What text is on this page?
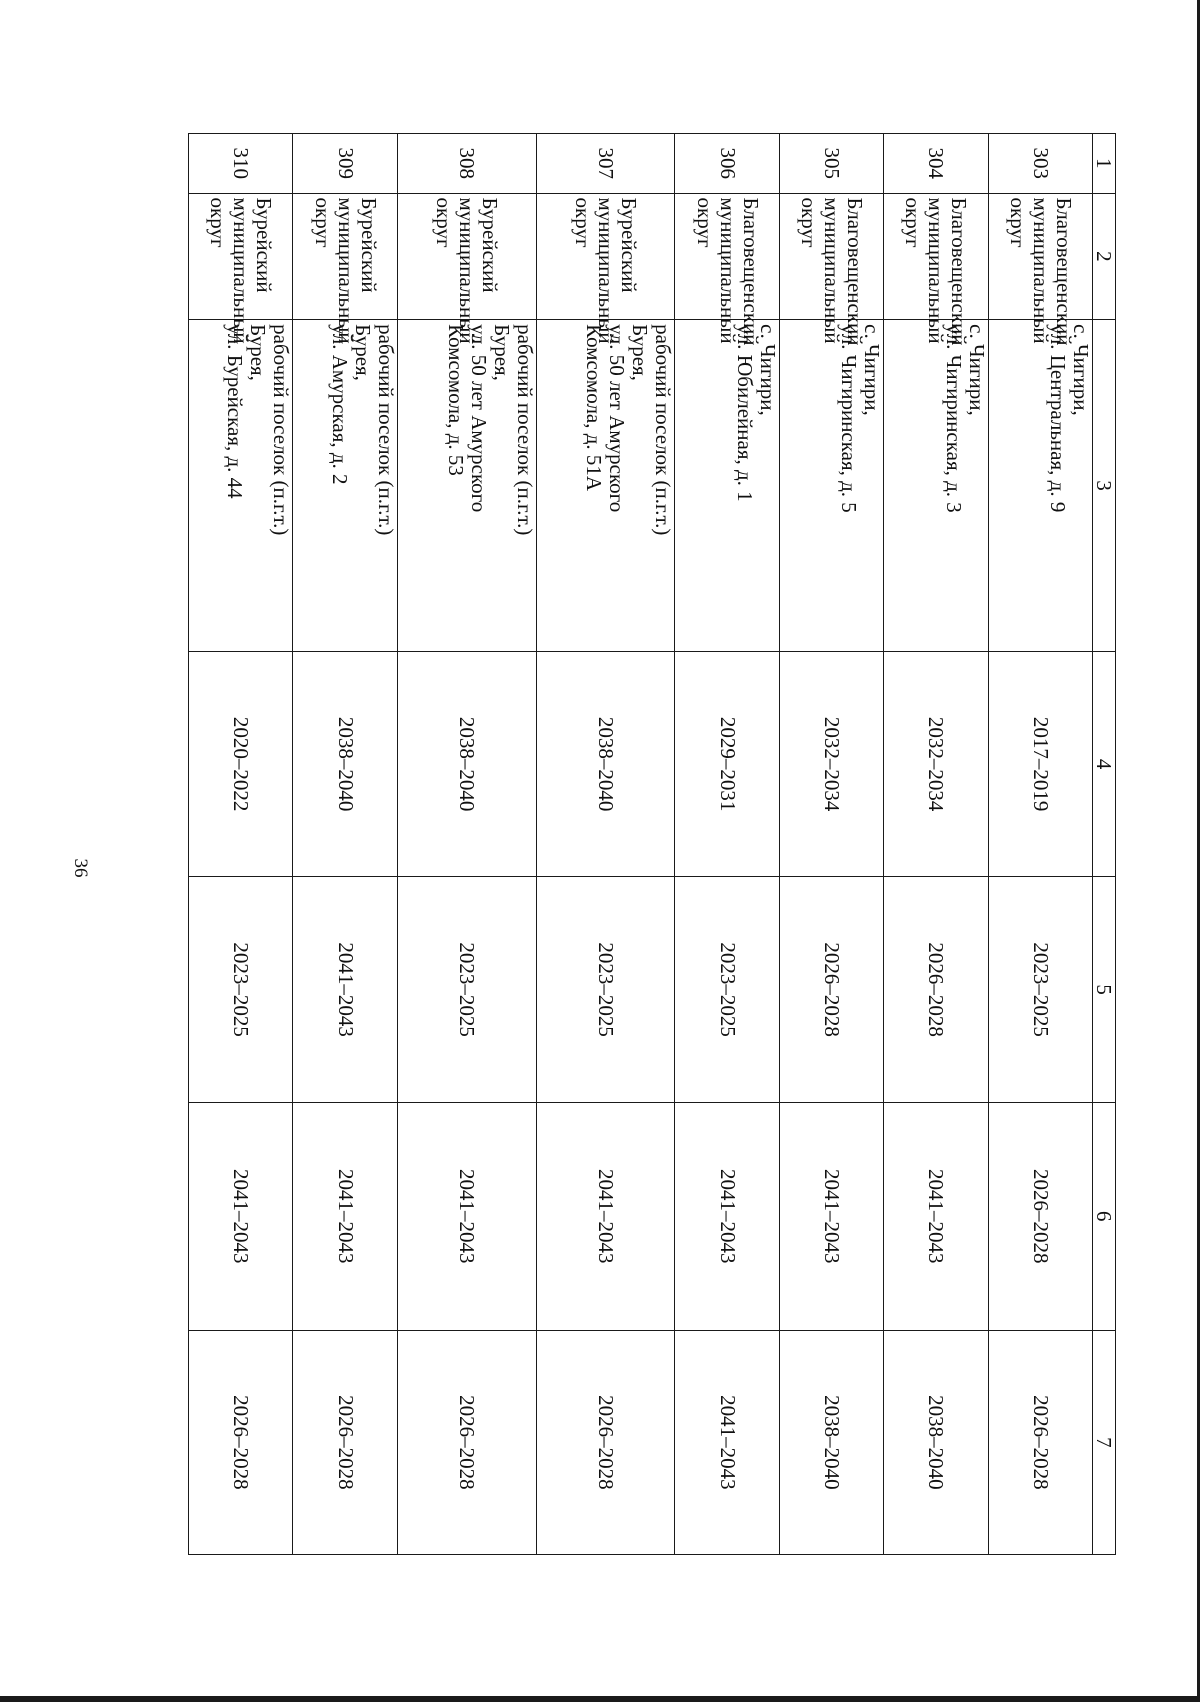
36
1	2	3	4	5	6	7
303	Благовещенский
муниципальный
округ	с. Чигири,
ул. Центральная, д. 9	2017–2019	2023–2025	2026–2028	2026–2028
304	Благовещенский
муниципальный
округ	с. Чигири,
ул. Чигиринская, д. 3	2032–2034	2026–2028	2041–2043	2038–2040
305	Благовещенский
муниципальный
округ	с. Чигири,
ул. Чигиринская, д. 5	2032–2034	2026–2028	2041–2043	2038–2040
306	Благовещенский
муниципальный
округ	с. Чигири,
ул. Юбилейная, д. 1	2029–2031	2023–2025	2041–2043	2041–2043
307	Бурейский
муниципальный
округ	рабочий поселок (п.г.т.)
Бурея,
ул. 50 лет Амурского
Комсомола, д. 51А	2038–2040	2023–2025	2041–2043	2026–2028
308	Бурейский
муниципальный
округ	рабочий поселок (п.г.т.)
Бурея,
ул. 50 лет Амурского
Комсомола, д. 53	2038–2040	2023–2025	2041–2043	2026–2028
309	Бурейский
муниципальный
округ	рабочий поселок (п.г.т.)
Бурея,
ул. Амурская, д. 2	2038–2040	2041–2043	2041–2043	2026–2028
310	Бурейский
муниципальный
округ	рабочий поселок (п.г.т.)
Бурея,
ул. Бурейская, д. 44	2020–2022	2023–2025	2041–2043	2026–2028
